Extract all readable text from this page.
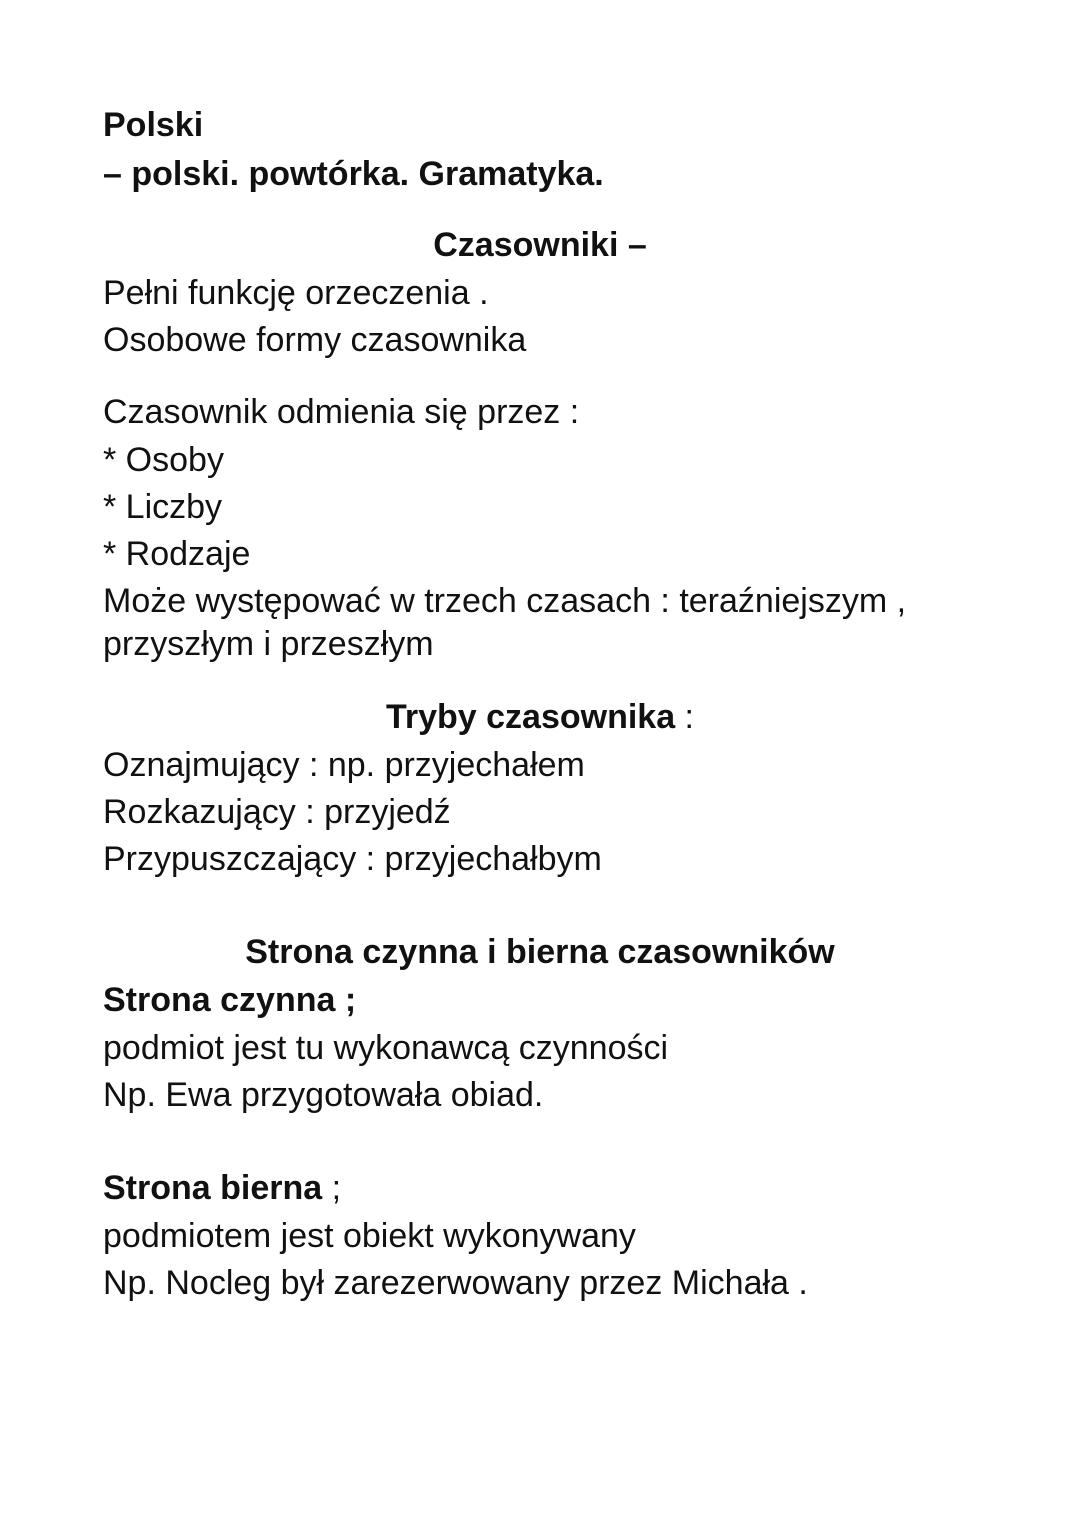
Polski

– polski. powtórka. Gramatyka.

Czasowniki –

Pełni funkcję orzeczenia .

Osobowe formy czasownika

Czasownik odmienia się przez :

* Osoby

* Liczby

* Rodzaje

Może występować w trzech czasach : teraźniejszym ,

przyszłym i przeszłym

Tryby czasownika :

Oznajmujący : np. przyjechałem

Rozkazujący : przyjedź

Przypuszczający : przyjechałbym

Strona czynna i bierna czasowników

Strona czynna ;

podmiot jest tu wykonawcą czynności

Np. Ewa przygotowała obiad.

Strona bierna ;

podmiotem jest obiekt wykonywany

Np. Nocleg był zarezerwowany przez Michała .
